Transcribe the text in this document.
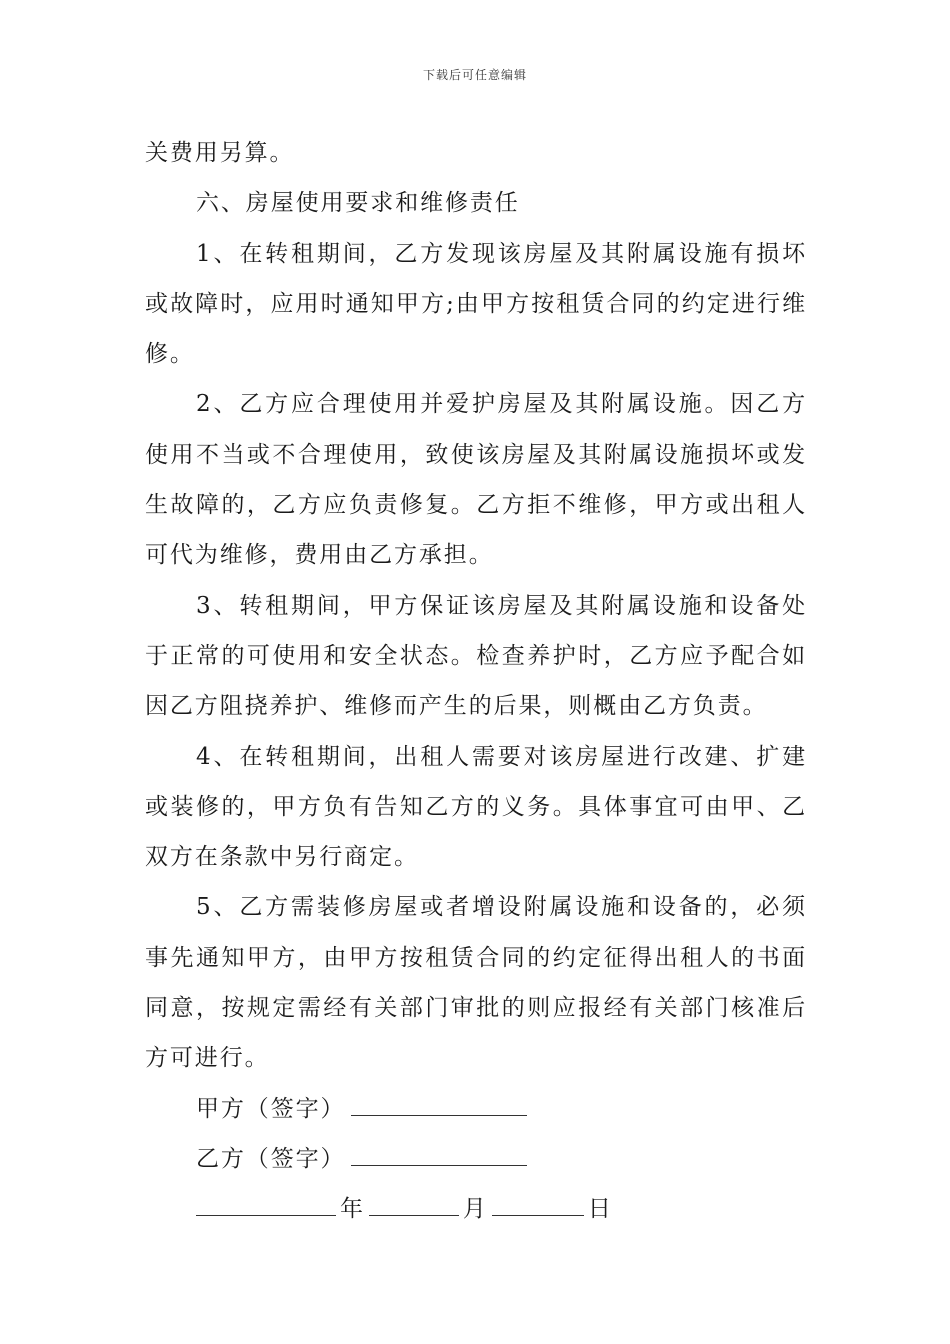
下载后可任意编辑

关费用另算。

六、房屋使用要求和维修责任

1、在转租期间，乙方发现该房屋及其附属设施有损坏或故障时，应用时通知甲方;由甲方按租赁合同的约定进行维修。

2、乙方应合理使用并爱护房屋及其附属设施。因乙方使用不当或不合理使用，致使该房屋及其附属设施损坏或发生故障的，乙方应负责修复。乙方拒不维修，甲方或出租人可代为维修，费用由乙方承担。

3、转租期间，甲方保证该房屋及其附属设施和设备处于正常的可使用和安全状态。检查养护时，乙方应予配合如因乙方阻挠养护、维修而产生的后果，则概由乙方负责。

4、在转租期间，出租人需要对该房屋进行改建、扩建或装修的，甲方负有告知乙方的义务。具体事宜可由甲、乙双方在条款中另行商定。

5、乙方需装修房屋或者增设附属设施和设备的，必须事先通知甲方，由甲方按租赁合同的约定征得出租人的书面同意，按规定需经有关部门审批的则应报经有关部门核准后方可进行。

甲方（签字）
乙方（签字）
年	月	日
